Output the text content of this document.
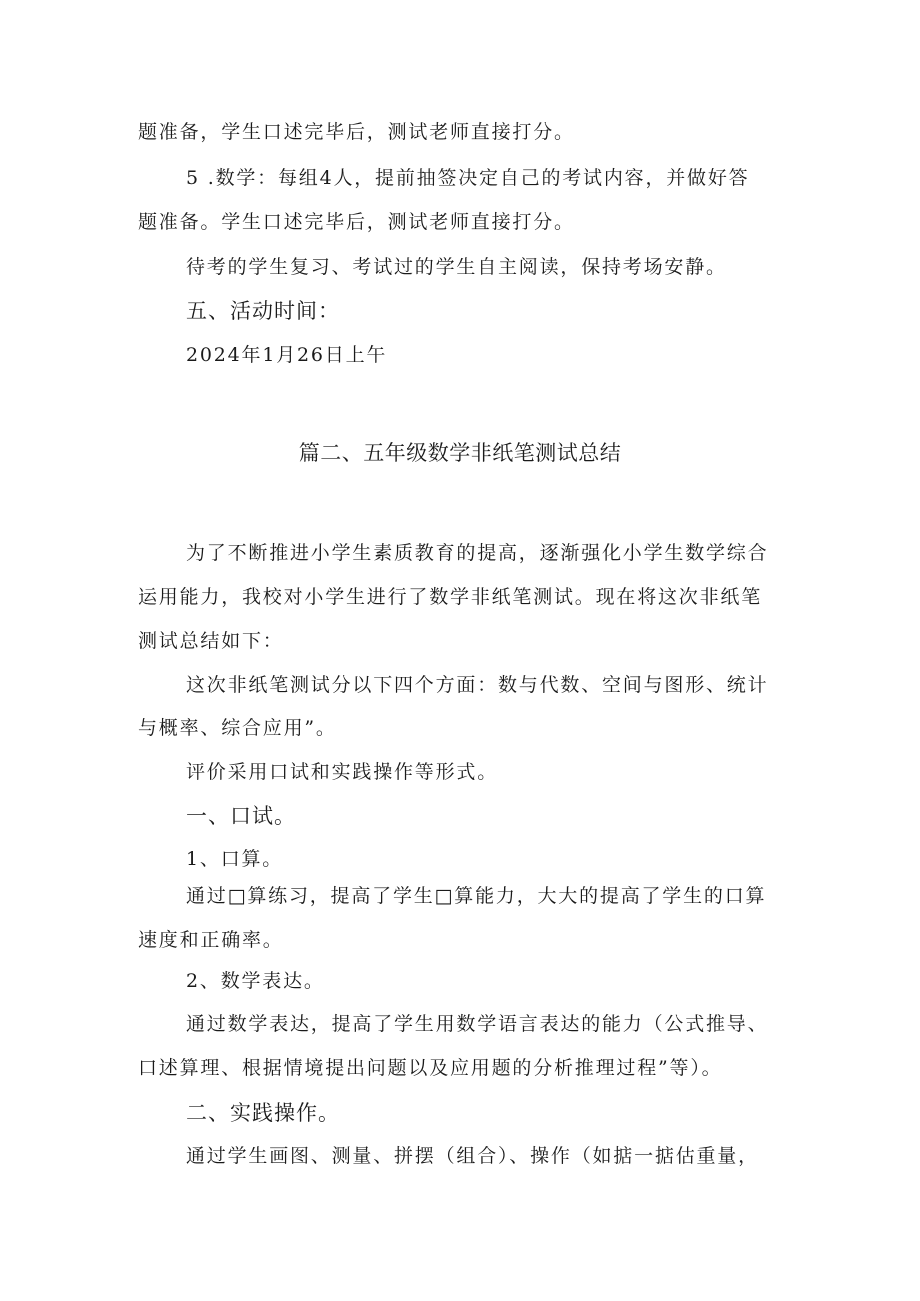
题准备，学生口述完毕后，测试老师直接打分。

5 .数学：每组4人，提前抽签决定自己的考试内容，并做好答

题准备。学生口述完毕后，测试老师直接打分。

待考的学生复习、考试过的学生自主阅读，保持考场安静。

五、活动时间：

2024年1月26日上午

篇二、五年级数学非纸笔测试总结

为了不断推进小学生素质教育的提高，逐渐强化小学生数学综合

运用能力，我校对小学生进行了数学非纸笔测试。现在将这次非纸笔

测试总结如下：

这次非纸笔测试分以下四个方面：数与代数、空间与图形、统计

与概率、综合应用”。

评价采用口试和实践操作等形式。

一、口试。

1、口算。

通过□算练习，提高了学生□算能力，大大的提高了学生的口算

速度和正确率。

2、数学表达。

通过数学表达，提高了学生用数学语言表达的能力（公式推导、

口述算理、根据情境提出问题以及应用题的分析推理过程”等）。

二、实践操作。

通过学生画图、测量、拼摆（组合）、操作（如掂一掂估重量，
